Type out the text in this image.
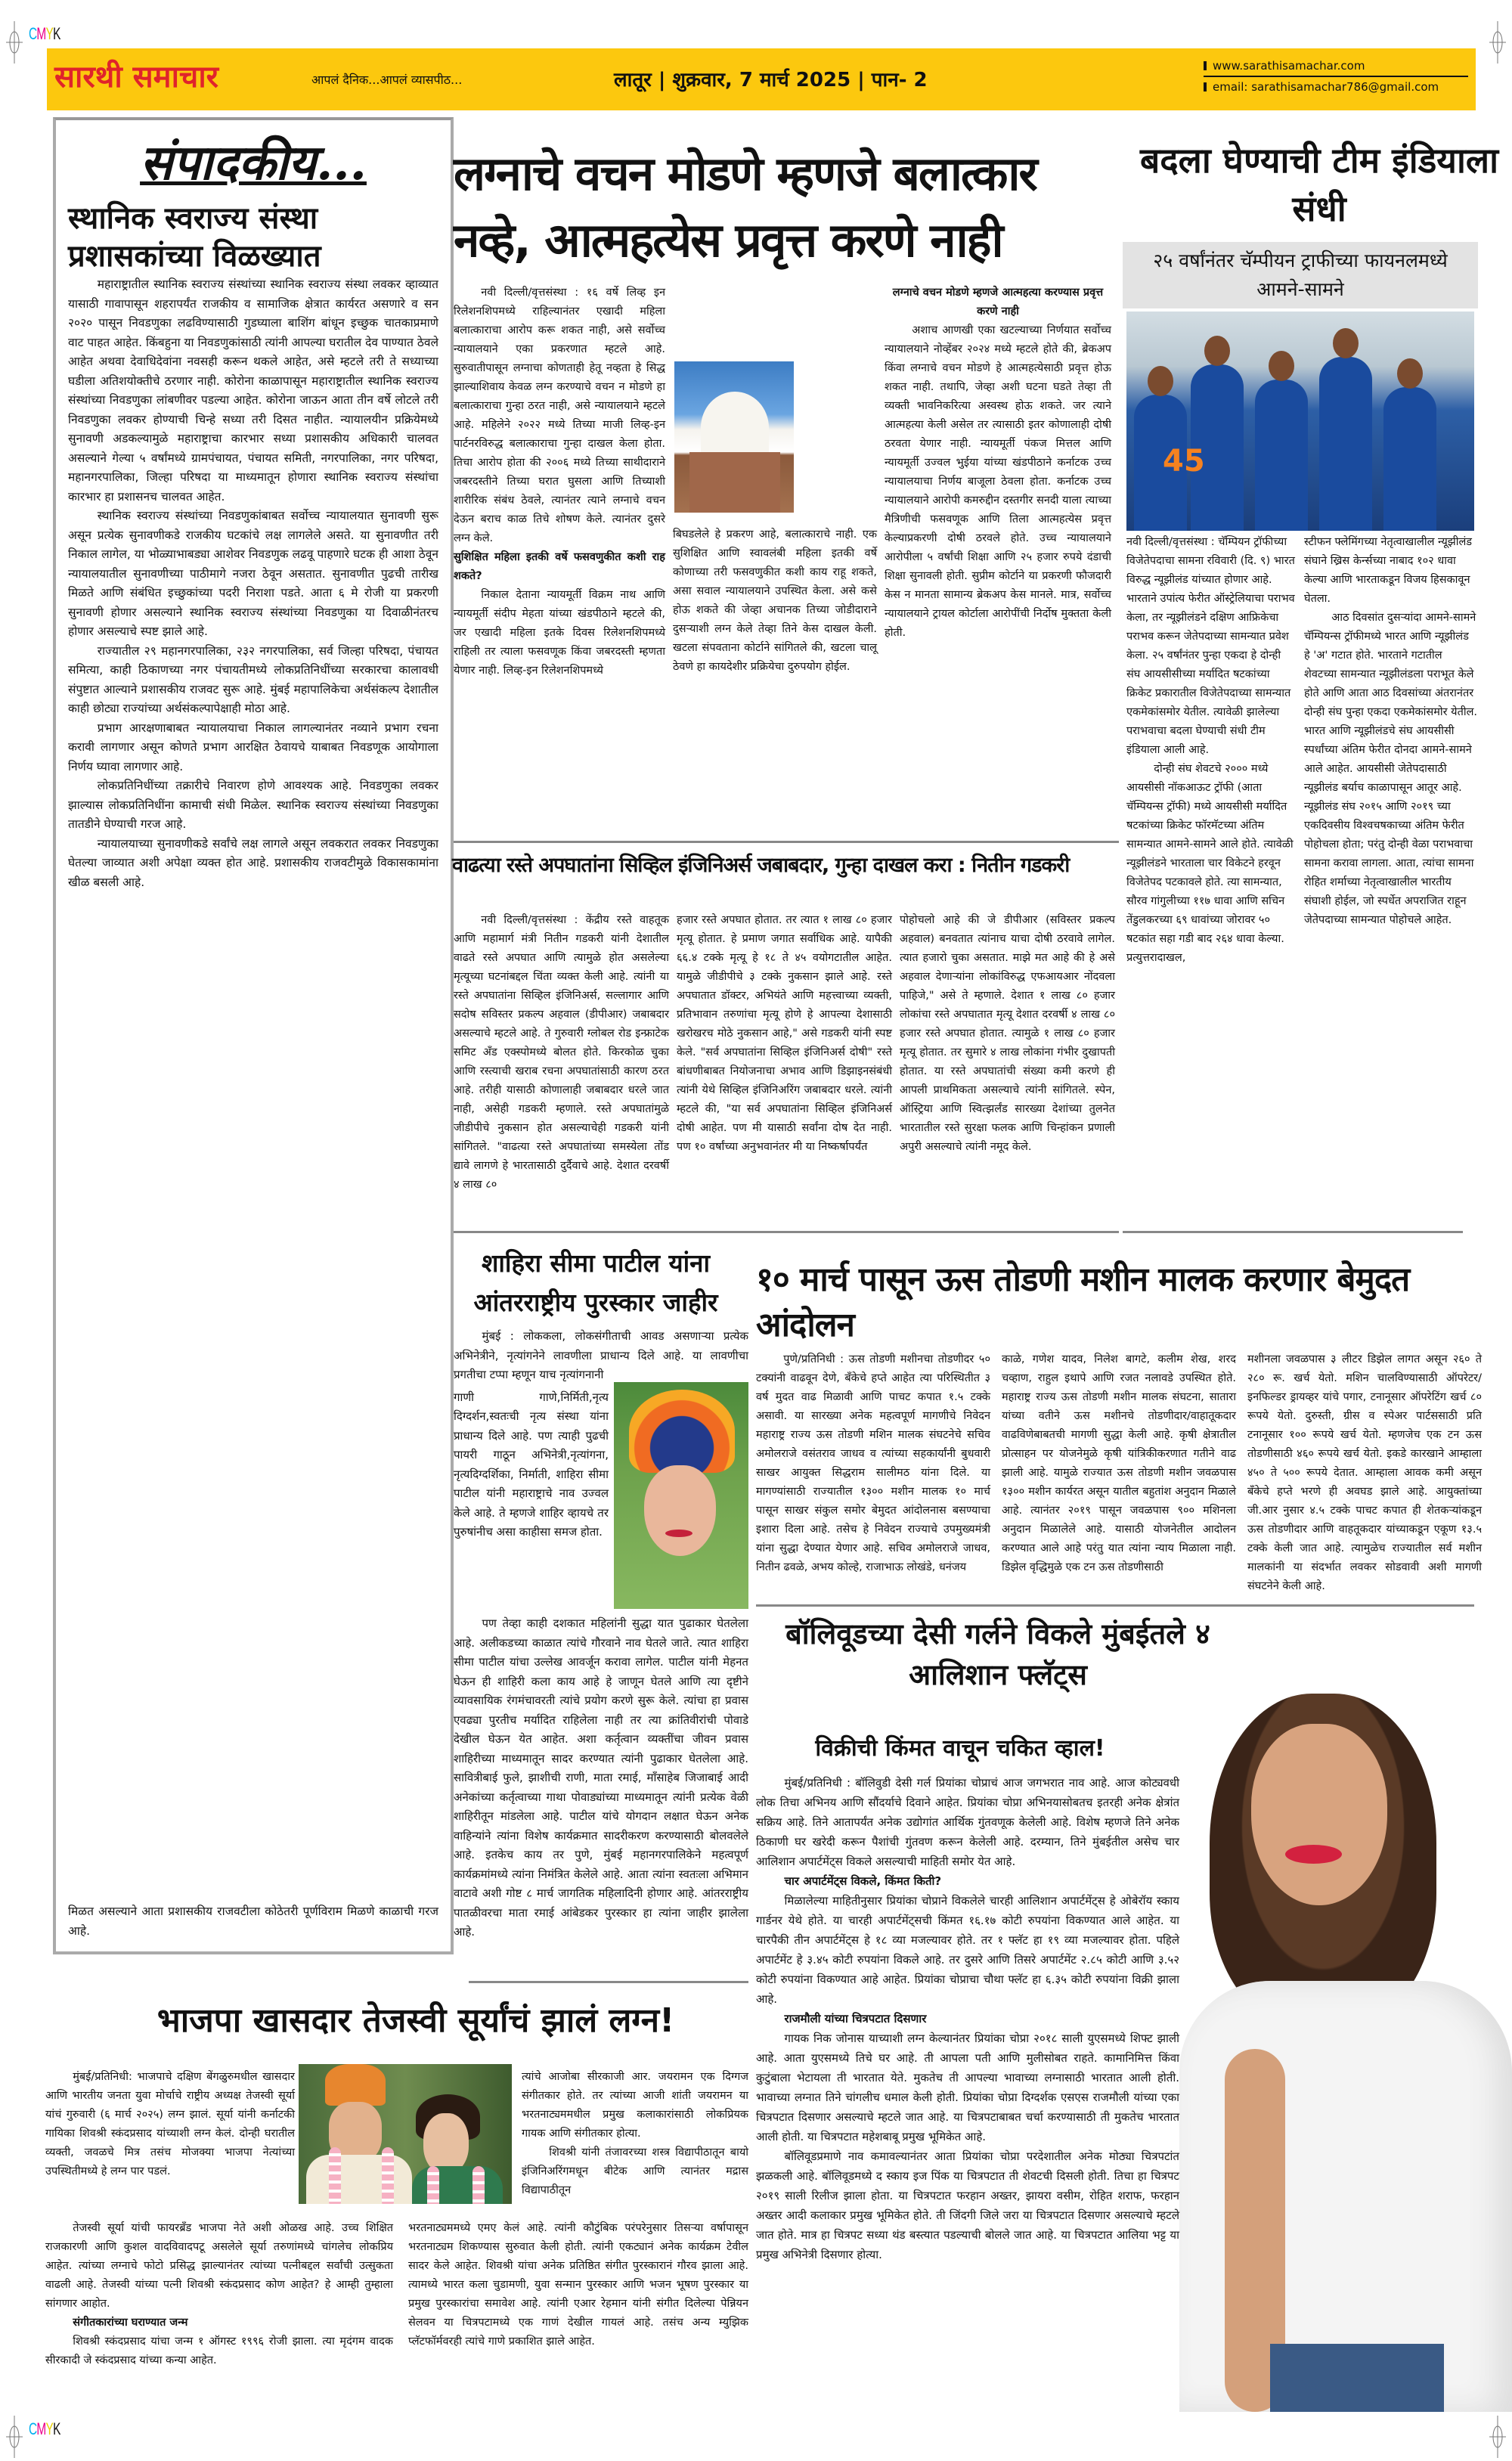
CMYK
सारथी समाचार	आपलं दैनिक...आपलं व्यासपीठ...	लातूर | शुक्रवार, 7 मार्च 2025 | पान- 2
www.sarathisamachar.com
email: sarathisamachar786@gmail.com
संपादकीय...
स्थानिक स्वराज्य संस्था प्रशासकांच्या विळख्यात

महाराष्ट्रातील स्थानिक स्वराज्य संस्थांच्या स्थानिक स्वराज्य संस्था लवकर व्हाव्यात यासाठी गावापासून शहरापर्यंत राजकीय व सामाजिक क्षेत्रात कार्यरत असणारे व सन २०२० पासून निवडणुका लढविण्यासाठी गुडघ्याला बाशिंग बांधून इच्छुक चातकाप्रमाणे वाट पाहत आहेत. किंबहुना या निवडणुकांसाठी त्यांनी आपल्या घरातील देव पाण्यात ठेवले आहेत अथवा देवाधिदेवांना नवसही करून थकले आहेत, असे म्हटले तरी ते सध्याच्या घडीला अतिशयोक्तीचे ठरणार नाही. कोरोना काळापासून महाराष्ट्रातील स्थानिक स्वराज्य संस्थांच्या निवडणुका लांबणीवर पडल्या आहेत. कोरोना जाऊन आता तीन वर्षे लोटले तरी निवडणुका लवकर होण्याची चिन्हे सध्या तरी दिसत नाहीत. न्यायालयीन प्रक्रियेमध्ये सुनावणी अडकल्यामुळे महाराष्ट्राचा कारभार सध्या प्रशासकीय अधिकारी चालवत असल्याने गेल्या ५ वर्षांमध्ये ग्रामपंचायत, पंचायत समिती, नगरपालिका, नगर परिषदा, महानगरपालिका, जिल्हा परिषदा या माध्यमातून होणारा स्थानिक स्वराज्य संस्थांचा कारभार हा प्रशासनच चालवत आहेत.

स्थानिक स्वराज्य संस्थांच्या निवडणुकांबाबत सर्वोच्च न्यायालयात सुनावणी सुरू असून प्रत्येक सुनावणीकडे राजकीय घटकांचे लक्ष लागलेले असते. या सुनावणीत तरी निकाल लागेल, या भोळ्याभाबड्या आशेवर निवडणुक लढवू पाहणारे घटक ही आशा ठेवून न्यायालयातील सुनावणीच्या पाठीमागे नजरा ठेवून असतात. सुनावणीत पुढची तारीख मिळते आणि संबंधित इच्छुकांच्या पदरी निराशा पडते. आता ६ मे रोजी या प्रकरणी सुनावणी होणार असल्याने स्थानिक स्वराज्य संस्थांच्या निवडणुका या दिवाळीनंतरच होणार असल्याचे स्पष्ट झाले आहे.

राज्यातील २९ महानगरपालिका, २३२ नगरपालिका, सर्व जिल्हा परिषदा, पंचायत समित्या, काही ठिकाणच्या नगर पंचायतीमध्ये लोकप्रतिनिधींच्या सरकारचा कालावधी संपुष्टात आल्याने प्रशासकीय राजवट सुरू आहे. मुंबई महापालिकेचा अर्थसंकल्प देशातील काही छोट्या राज्यांच्या अर्थसंकल्पापेक्षाही मोठा आहे.

प्रभाग आरक्षणाबाबत न्यायालयाचा निकाल लागल्यानंतर नव्याने प्रभाग रचना करावी लागणार असून कोणते प्रभाग आरक्षित ठेवायचे याबाबत निवडणूक आयोगाला निर्णय घ्यावा लागणार आहे.

लोकप्रतिनिधींच्या तक्रारीचे निवारण होणे आवश्यक आहे. निवडणुका लवकर झाल्यास लोकप्रतिनिधींना कामाची संधी मिळेल. स्थानिक स्वराज्य संस्थांच्या निवडणुका तातडीने घेण्याची गरज आहे.

न्यायालयाच्या सुनावणीकडे सर्वांचे लक्ष लागले असून लवकरात लवकर निवडणुका घेतल्या जाव्यात अशी अपेक्षा व्यक्त होत आहे. प्रशासकीय राजवटीमुळे विकासकामांना खीळ बसली आहे.

मिळत असल्याने आता प्रशासकीय राजवटीला कोठेतरी पूर्णविराम मिळणे काळाची गरज आहे.

लग्नाचे वचन मोडणे म्हणजे बलात्कार नव्हे, आत्महत्येस प्रवृत्त करणे नाही

नवी दिल्ली/वृत्तसंस्था : १६ वर्षे लिव्ह इन रिलेशनशिपमध्ये राहिल्यानंतर एखादी महिला बलात्काराचा आरोप करू शकत नाही, असे सर्वोच्च न्यायालयाने एका प्रकरणात म्हटले आहे. सुरुवातीपासून लग्नाचा कोणताही हेतू नव्हता हे सिद्ध झाल्याशिवाय केवळ लग्न करण्याचे वचन न मोडणे हा बलात्काराचा गुन्हा ठरत नाही, असे न्यायालयाने म्हटले आहे. महिलेने २०२२ मध्ये तिच्या माजी लिव्ह-इन पार्टनरविरुद्ध बलात्काराचा गुन्हा दाखल केला होता. तिचा आरोप होता की २००६ मध्ये तिच्या साथीदाराने जबरदस्तीने तिच्या घरात घुसला आणि तिच्याशी शारीरिक संबंध ठेवले, त्यानंतर त्याने लग्नाचे वचन देऊन बराच काळ तिचे शोषण केले. त्यानंतर दुसरे लग्न केले.

सुशिक्षित महिला इतकी वर्षे फसवणुकीत कशी राह शकते?

निकाल देताना न्यायमूर्ती विक्रम नाथ आणि न्यायमूर्ती संदीप मेहता यांच्या खंडपीठाने म्हटले की, जर एखादी महिला इतके दिवस रिलेशनशिपमध्ये राहिली तर त्याला फसवणूक किंवा जबरदस्ती म्हणता येणार नाही. लिव्ह-इन रिलेशनशिपमध्ये

बिघडलेले हे प्रकरण आहे, बलात्काराचे नाही. एक सुशिक्षित आणि स्वावलंबी महिला इतकी वर्षे कोणाच्या तरी फसवणुकीत कशी काय राहू शकते, असा सवाल न्यायालयाने उपस्थित केला. असे कसे होऊ शकते की जेव्हा अचानक तिच्या जोडीदाराने दुसऱ्याशी लग्न केले तेव्हा तिने केस दाखल केली. खटला संपवताना कोर्टाने सांगितले की, खटला चालू ठेवणे हा कायदेशीर प्रक्रियेचा दुरुपयोग होईल.

लग्नाचे वचन मोडणे म्हणजे आत्महत्या करण्यास प्रवृत्त करणे नाही

अशाच आणखी एका खटल्याच्या निर्णयात सर्वोच्च न्यायालयाने नोव्हेंबर २०२४ मध्ये म्हटले होते की, ब्रेकअप किंवा लग्नाचे वचन मोडणे हे आत्महत्येसाठी प्रवृत्त होऊ शकत नाही. तथापि, जेव्हा अशी घटना घडते तेव्हा ती व्यक्ती भावनिकरित्या अस्वस्थ होऊ शकते. जर त्याने आत्महत्या केली असेल तर त्यासाठी इतर कोणालाही दोषी ठरवता येणार नाही. न्यायमूर्ती पंकज मित्तल आणि न्यायमूर्ती उज्वल भुईया यांच्या खंडपीठाने कर्नाटक उच्च न्यायालयाचा निर्णय बाजूला ठेवला होता. कर्नाटक उच्च न्यायालयाने आरोपी कमरुद्दीन दस्तगीर सनदी याला त्याच्या मैत्रिणीची फसवणूक आणि तिला आत्महत्येस प्रवृत्त केल्याप्रकरणी दोषी ठरवले होते. उच्च न्यायालयाने आरोपीला ५ वर्षांची शिक्षा आणि २५ हजार रुपये दंडाची शिक्षा सुनावली होती. सुप्रीम कोर्टाने या प्रकरणी फौजदारी केस न मानता सामान्य ब्रेकअप केस मानले. मात्र, सर्वोच्च न्यायालयाने ट्रायल कोर्टाला आरोपींची निर्दोष मुक्तता केली होती.

बदला घेण्याची टीम इंडियाला संधी
२५ वर्षांनंतर चॅम्पीयन ट्राफीच्या फायनलमध्ये आमने-सामने
45

नवी दिल्ली/वृत्तसंस्था : चॅम्पियन ट्रॉफीच्या विजेतेपदाचा सामना रविवारी (दि. ९) भारत विरुद्ध न्यूझीलंड यांच्यात होणार आहे. भारताने उपांत्य फेरीत ऑस्ट्रेलियाचा पराभव केला, तर न्यूझीलंडने दक्षिण आफ्रिकेचा पराभव करून जेतेपदाच्या सामन्यात प्रवेश केला. २५ वर्षांनंतर पुन्हा एकदा हे दोन्ही संघ आयसीसीच्या मर्यादित षटकांच्या क्रिकेट प्रकारातील विजेतेपदाच्या सामन्यात एकमेकांसमोर येतील. त्यावेळी झालेल्या पराभवाचा बदला घेण्याची संधी टीम इंडियाला आली आहे.

दोन्ही संघ शेवटचे २००० मध्ये आयसीसी नॉकआऊट ट्रॉफी (आता चॅम्पियन्स ट्रॉफी) मध्ये आयसीसी मर्यादित षटकांच्या क्रिकेट फॉरमॅटच्या अंतिम सामन्यात आमने-सामने आले होते. त्यावेळी न्यूझीलंडने भारताला चार विकेटने हरवून विजेतेपद पटकावले होते. त्या सामन्यात, सौरव गांगुलीच्या ११७ धावा आणि सचिन तेंडुलकरच्या ६९ धावांच्या जोरावर ५० षटकांत सहा गडी बाद २६४ धावा केल्या. प्रत्युत्तरादाखल,

स्टीफन फ्लेमिंगच्या नेतृत्वाखालील न्यूझीलंड संघाने ख्रिस केर्न्सच्या नाबाद १०२ धावा केल्या आणि भारताकडून विजय हिसकावून घेतला.

आठ दिवसांत दुसऱ्यांदा आमने-सामने चॅम्पियन्स ट्रॉफीमध्ये भारत आणि न्यूझीलंड हे 'अ' गटात होते. भारताने गटातील शेवटच्या सामन्यात न्यूझीलंडला पराभूत केले होते आणि आता आठ दिवसांच्या अंतरानंतर दोन्ही संघ पुन्हा एकदा एकमेकांसमोर येतील. भारत आणि न्यूझीलंडचे संघ आयसीसी स्पर्धांच्या अंतिम फेरीत दोनदा आमने-सामने आले आहेत. आयसीसी जेतेपदासाठी न्यूझीलंड बर्याच काळापासून आतूर आहे. न्यूझीलंड संघ २०१५ आणि २०१९ च्या एकदिवसीय विश्वचषकाच्या अंतिम फेरीत पोहोचला होता; परंतु दोन्ही वेळा पराभवाचा सामना करावा लागला. आता, त्यांचा सामना रोहित शर्माच्या नेतृत्वाखालील भारतीय संघाशी होईल, जो स्पर्धेत अपराजित राहून जेतेपदाच्या सामन्यात पोहोचले आहेत.

वाढत्या रस्ते अपघातांना सिव्हिल इंजिनिअर्स जबाबदार, गुन्हा दाखल करा : नितीन गडकरी

नवी दिल्ली/वृत्तसंस्था : केंद्रीय रस्ते वाहतूक आणि महामार्ग मंत्री नितीन गडकरी यांनी देशातील वाढते रस्ते अपघात आणि त्यामुळे होत असलेल्या मृत्यूच्या घटनांबद्दल चिंता व्यक्त केली आहे. त्यांनी या रस्ते अपघातांना सिव्हिल इंजिनिअर्स, सल्लागार आणि सदोष सविस्तर प्रकल्प अहवाल (डीपीआर) जबाबदार असल्याचे म्हटले आहे. ते गुरुवारी ग्लोबल रोड इन्फ्राटेक समिट अँड एक्स्पोमध्ये बोलत होते. किरकोळ चुका आणि रस्त्याची खराब रचना अपघातांसाठी कारण ठरत आहे. तरीही यासाठी कोणालाही जबाबदार धरले जात नाही, असेही गडकरी म्हणाले. रस्ते अपघातांमुळे जीडीपीचे नुकसान होत असल्याचेही गडकरी यांनी सांगितले. "वाढत्या रस्ते अपघातांच्या समस्येला तोंड द्यावे लागणे हे भारतासाठी दुर्दैवाचे आहे. देशात दरवर्षी ४ लाख ८०

हजार रस्ते अपघात होतात. तर त्यात १ लाख ८० हजार मृत्यू होतात. हे प्रमाण जगात सर्वाधिक आहे. यापैकी ६६.४ टक्के मृत्यू हे १८ ते ४५ वयोगटातील आहेत. यामुळे जीडीपीचे ३ टक्के नुकसान झाले आहे. रस्ते अपघातात डॉक्टर, अभियंते आणि महत्त्वाच्या व्यक्ती, प्रतिभावान तरुणांचा मृत्यू होणे हे आपल्या देशासाठी खरोखरच मोठे नुकसान आहे," असे गडकरी यांनी स्पष्ट केले. "सर्व अपघातांना सिव्हिल इंजिनिअर्स दोषी" रस्ते बांधणीबाबत नियोजनाचा अभाव आणि डिझाइनसंबंधी त्यांनी येथे सिव्हिल इंजिनिअरिंग जबाबदार धरले. त्यांनी म्हटले की, "या सर्व अपघातांना सिव्हिल इंजिनिअर्स दोषी आहेत. पण मी यासाठी सर्वांना दोष देत नाही. पण १० वर्षांच्या अनुभवानंतर मी या निष्कर्षापर्यंत

पोहोचलो आहे की जे डीपीआर (सविस्तर प्रकल्प अहवाल) बनवतात त्यांनाच याचा दोषी ठरवावे लागेल. त्यात हजारो चुका असतात. माझे मत आहे की हे असे अहवाल देणाऱ्यांना लोकांविरुद्ध एफआयआर नोंदवला पाहिजे," असे ते म्हणाले. देशात १ लाख ८० हजार लोकांचा रस्ते अपघातात मृत्यू देशात दरवर्षी ४ लाख ८० हजार रस्ते अपघात होतात. त्यामुळे १ लाख ८० हजार मृत्यू होतात. तर सुमारे ४ लाख लोकांना गंभीर दुखापती होतात. या रस्ते अपघातांची संख्या कमी करणे ही आपली प्राथमिकता असल्याचे त्यांनी सांगितले. स्पेन, ऑस्ट्रिया आणि स्वित्झर्लंड सारख्या देशांच्या तुलनेत भारतातील रस्ते सुरक्षा फलक आणि चिन्हांकन प्रणाली अपुरी असल्याचे त्यांनी नमूद केले.

शाहिरा सीमा पाटील यांना आंतरराष्ट्रीय पुरस्कार जाहीर

मुंबई : लोककला, लोकसंगीताची आवड असणाऱ्या प्रत्येक अभिनेत्रीने, नृत्यांगनेने लावणीला प्राधान्य दिले आहे. या लावणीचा प्रगतीचा टप्पा म्हणून याच नृत्यांगनानी

गाणी गाणे,निर्मिती,नृत्य दिग्दर्शन,स्वतःची नृत्य संस्था यांना प्राधान्य दिले आहे. पण त्याही पुढची पायरी गाठून अभिनेत्री,नृत्यांगना, नृत्यदिग्दर्शिका, निर्माती, शाहिरा सीमा पाटील यांनी महाराष्ट्राचे नाव उज्वल केले आहे. ते म्हणजे शाहिर व्हायचे तर पुरुषांनीच असा काहीसा समज होता.

पण तेव्हा काही दशकात महिलांनी सुद्धा यात पुढाकार घेतलेला आहे. अलीकडच्या काळात त्यांचे गौरवाने नाव घेतले जाते. त्यात शाहिरा सीमा पाटील यांचा उल्लेख आवर्जून करावा लागेल. पाटील यांनी मेहनत घेऊन ही शाहिरी कला काय आहे हे जाणून घेतले आणि त्या दृष्टीने व्यावसायिक रंगमंचावरती त्यांचे प्रयोग करणे सुरू केले. त्यांचा हा प्रवास एवढ्या पुरतीच मर्यादित राहिलेला नाही तर त्या क्रांतिवीरांची पोवाडे देखील घेऊन येत आहेत. अशा कर्तृत्वान व्यक्तींचा जीवन प्रवास शाहिरीच्या माध्यमातून सादर करण्यात त्यांनी पुढाकार घेतलेला आहे. सावित्रीबाई फुले, झाशीची राणी, माता रमाई, माँसाहेब जिजाबाई आदी अनेकांच्या कर्तृत्वाच्या गाथा पोवाड्यांच्या माध्यमातून त्यांनी प्रत्येक वेळी शाहिरीतून मांडलेला आहे. पाटील यांचे योगदान लक्षात घेऊन अनेक वाहिन्यांने त्यांना विशेष कार्यक्रमात सादरीकरण करण्यासाठी बोलवलेले आहे. इतकेच काय तर पुणे, मुंबई महानगरपालिकेने महत्वपूर्ण कार्यक्रमांमध्ये त्यांना निमंत्रित केलेले आहे. आता त्यांना स्वतःला अभिमान वाटावे अशी गोष्ट ८ मार्च जागतिक महिलादिनी होणार आहे. आंतरराष्ट्रीय पातळीवरचा माता रमाई आंबेडकर पुरस्कार हा त्यांना जाहीर झालेला आहे.

१० मार्च पासून ऊस तोडणी मशीन मालक करणार बेमुदत आंदोलन

पुणे/प्रतिनिधी : ऊस तोडणी मशीनचा तोडणीदर ५० टक्यांनी वाढवून देणे, बँकेचे हप्ते आहेत त्या परिस्थितीत ३ वर्ष मुदत वाढ मिळावी आणि पाचट कपात १.५ टक्के असावी. या सारख्या अनेक महत्वपूर्ण मागणीचे निवेदन महाराष्ट्र राज्य ऊस तोडणी मशिन मालक संघटनेचे सचिव अमोलराजे वसंतराव जाधव व त्यांच्या सहकार्यांनी बुधवारी साखर आयुक्त सिद्धराम सालीमठ यांना दिले. या मागण्यांसाठी राज्यातील १३०० मशीन मालक १० मार्च पासून साखर संकुल समोर बेमुदत आंदोलनास बसण्याचा इशारा दिला आहे. तसेच हे निवेदन राज्याचे उपमुख्यमंत्री यांना सुद्धा देण्यात येणार आहे. सचिव अमोलराजे जाधव, नितीन ढवळे, अभय कोल्हे, राजाभाऊ लोखंडे, धनंजय

काळे, गणेश यादव, निलेश बागटे, कलीम शेख, शरद चव्हाण, राहुल इथापे आणि रजत नलावडे उपस्थित होते. महाराष्ट्र राज्य ऊस तोडणी मशीन मालक संघटना, सातारा यांच्या वतीने ऊस मशीनचे तोडणीदार/वाहातूकदार वाढविणेबाबतची मागणी सुद्धा केली आहे. कृषी क्षेत्रातील प्रोत्साहन पर योजनेमुळे कृषी यांत्रिकीकरणात गतीने वाढ झाली आहे. यामुळे राज्यात ऊस तोडणी मशीन जवळपास १३०० मशीन कार्यरत असून यातील बहुतांश अनुदान मिळाले आहे. त्यानंतर २०१९ पासून जवळपास ९०० मशिनला अनुदान मिळालेले आहे. यासाठी योजनेतील आदोलन करण्यात आले आहे परंतु यात त्यांना न्याय मिळाला नाही. डिझेल वृद्धिमुळे एक टन ऊस तोडणीसाठी

मशीनला जवळपास ३ लीटर डिझेल लागत असून २६० ते २८० रू. खर्च येतो. मशिन चालविण्यासाठी ऑपरेटर/इनफिल्डर ड्रायव्हर यांचे पगार, टनानूसार ऑपरेटिंग खर्च ८० रूपये येतो. दुरुस्ती, ग्रीस व स्पेअर पार्टससाठी प्रति टनानूसार १०० रूपये खर्च येतो. म्हणजेच एक टन ऊस तोडणीसाठी ४६० रूपये खर्च येतो. इकडे कारखाने आम्हाला ४५० ते ५०० रूपये देतात. आम्हाला आवक कमी असून बँकेचे हप्ते भरणे ही अवघड झाले आहे. आयुक्तांच्या जी.आर नुसार ४.५ टक्के पाचट कपात ही शेतकऱ्यांकडून ऊस तोडणीदार आणि वाहतूकदार यांच्याकडून एकूण १३.५ टक्के केली जात आहे. त्यामुळेच राज्यातील सर्व मशीन मालकांनी या संदर्भात लवकर सोडवावी अशी मागणी संघटनेने केली आहे.

बॉलिवूडच्या देसी गर्लने विकले मुंबईतले ४ आलिशान फ्लॅट्स
विक्रीची किंमत वाचून चकित व्हाल!

मुंबई/प्रतिनिधी : बॉलिवुडी देसी गर्ल प्रियांका चोप्राचं आज जगभरात नाव आहे. आज कोट्यवधी लोक तिचा अभिनय आणि सौंदर्याचे दिवाने आहेत. प्रियांका चोप्रा अभिनयासोबतच इतरही अनेक क्षेत्रांत सक्रिय आहे. तिने आतापर्यंत अनेक उद्योगांत आर्थिक गुंतवणूक केलेली आहे. विशेष म्हणजे तिने अनेक ठिकाणी घर खरेदी करून पैशांची गुंतवण करून केलेली आहे. दरम्यान, तिने मुंबईतील असेच चार आलिशान अपार्टमेंट्स विकले असल्याची माहिती समोर येत आहे.

चार अपार्टमेंट्स विकले, किंमत किती?

मिळालेल्या माहितीनुसार प्रियांका चोप्राने विकलेले चारही आलिशान अपार्टमेंट्स हे ओबेरॉय स्काय गार्डनर येथे होते. या चारही अपार्टमेंट्सची किंमत १६.१७ कोटी रुपयांना विकण्यात आले आहेत. या चारपैकी तीन अपार्टमेंट्स हे १८ व्या मजल्यावर होते. तर १ फ्लॅट हा १९ व्या मजल्यावर होता. पहिले अपार्टमेंट हे ३.४५ कोटी रुपयांना विकले आहे. तर दुसरे आणि तिसरे अपार्टमेंट २.८५ कोटी आणि ३.५२ कोटी रुपयांना विकण्यात आहे आहेत. प्रियांका चोप्राचा चौथा फ्लॅट हा ६.३५ कोटी रुपयांना विक्री झाला आहे.

राजमौली यांच्या चित्रपटात दिसणार

गायक निक जोनास याच्याशी लग्न केल्यानंतर प्रियांका चोप्रा २०१८ साली युएसमध्ये शिफ्ट झाली आहे. आता युएसमध्ये तिचे घर आहे. ती आपला पती आणि मुलीसोबत राहते. कामानिमित्त किंवा कुटुंबाला भेटायला ती भारतात येते. मुकतेच ती आपल्या भावाच्या लग्नासाठी भारतात आली होती. भावाच्या लग्नात तिने चांगलीच धमाल केली होती. प्रियांका चोप्रा दिग्दर्शक एसएस राजमौली यांच्या एका चित्रपटात दिसणार असल्याचे म्हटले जात आहे. या चित्रपटाबाबत चर्चा करण्यासाठी ती मुकतेच भारतात आली होती. या चित्रपटात महेशबाबू प्रमुख भूमिकेत आहे.

बॉलिवूडप्रमाणे नाव कमावल्यानंतर आता प्रियांका चोप्रा परदेशातील अनेक मोठ्या चित्रपटांत झळकली आहे. बॉलिवूडमध्ये द स्काय इज पिंक या चित्रपटात ती शेवटची दिसली होती. तिचा हा चित्रपट २०१९ साली रिलीज झाला होता. या चित्रपटात फरहान अख्तर, झायरा वसीम, रोहित शराफ, फरहान अख्तर आदी कलाकार प्रमुख भूमिकेत होते. ती जिंदगी जिले जरा या चित्रपटात दिसणार असल्याचे म्हटले जात होते. मात्र हा चित्रपट सध्या थंड बस्त्यात पडल्याची बोलले जात आहे. या चित्रपटात आलिया भट्ट या प्रमुख अभिनेत्री दिसणार होत्या.

भाजपा खासदार तेजस्वी सूर्यांचं झालं लग्न!

मुंबई/प्रतिनिधी: भाजपाचे दक्षिण बेंगळुरुमधील खासदार आणि भारतीय जनता युवा मोर्चाचे राष्ट्रीय अध्यक्ष तेजस्वी सूर्या यांचं गुरुवारी (६ मार्च २०२५) लग्न झालं. सूर्या यांनी कर्नाटकी गायिका शिवश्री स्कंदप्रसाद यांच्याशी लग्न केलं. दोन्ही घरातील व्यक्ती, जवळचे मित्र तसंच मोजक्या भाजपा नेत्यांच्या उपस्थितीमध्ये हे लग्न पार पडलं.

त्यांचे आजोबा सीरकाजी आर. जयरामन एक दिग्गज संगीतकार होते. तर त्यांच्या आजी शांती जयरामन या भरतनाट्यममधील प्रमुख कलाकारांसाठी लोकप्रियक गायक आणि संगीतकार होत्या.

शिवश्री यांनी तंजावरच्या शस्त्र विद्यापीठातून बायो इंजिनिअरिंगमधून बीटेक आणि त्यानंतर मद्रास विद्यापाठीतून

तेजस्वी सूर्या यांची फायरब्रँड भाजपा नेते अशी ओळख आहे. उच्च शिक्षित राजकारणी आणि कुशल वादविवादपटू असलेले सूर्या तरुणांमध्ये चांगलेच लोकप्रिय आहेत. त्यांच्या लग्नाचे फोटो प्रसिद्ध झाल्यानंतर त्यांच्या पत्नीबद्दल सर्वांची उत्सुकता वाढली आहे. तेजस्वी यांच्या पत्नी शिवश्री स्कंदप्रसाद कोण आहेत? हे आम्ही तुम्हाला सांगणार आहोत.

संगीतकारांच्या घराण्यात जन्म

शिवश्री स्कंदप्रसाद यांचा जन्म १ ऑगस्ट १९९६ रोजी झाला. त्या मृदंगम वादक सीरकादी जे स्कंदप्रसाद यांच्या कन्या आहेत.

भरतनाट्यममध्ये एमए केलं आहे. त्यांनी कौटुंबिक परंपरेनुसार तिसऱ्या वर्षापासून भरतनाट्यम शिकण्यास सुरुवात केली होती. त्यांनी एकट्यानं अनेक कार्यक्रम टेवील सादर केले आहेत. शिवश्री यांचा अनेक प्रतिष्ठित संगीत पुरस्कारानं गौरव झाला आहे. त्यामध्ये भारत कला चुडामणी, युवा सन्मान पुरस्कार आणि भजन भूषण पुरस्कार या प्रमुख पुरस्कारांचा समावेश आहे. त्यांनी एआर रेहमान यांनी संगीत दिलेल्या पेन्नियन सेलवन या चित्रपटामध्ये एक गाणं देखील गायलं आहे. तसंच अन्य म्युझिक प्लॅटफॉर्मवरही त्यांचे गाणे प्रकाशित झाले आहेत.

CMYK
